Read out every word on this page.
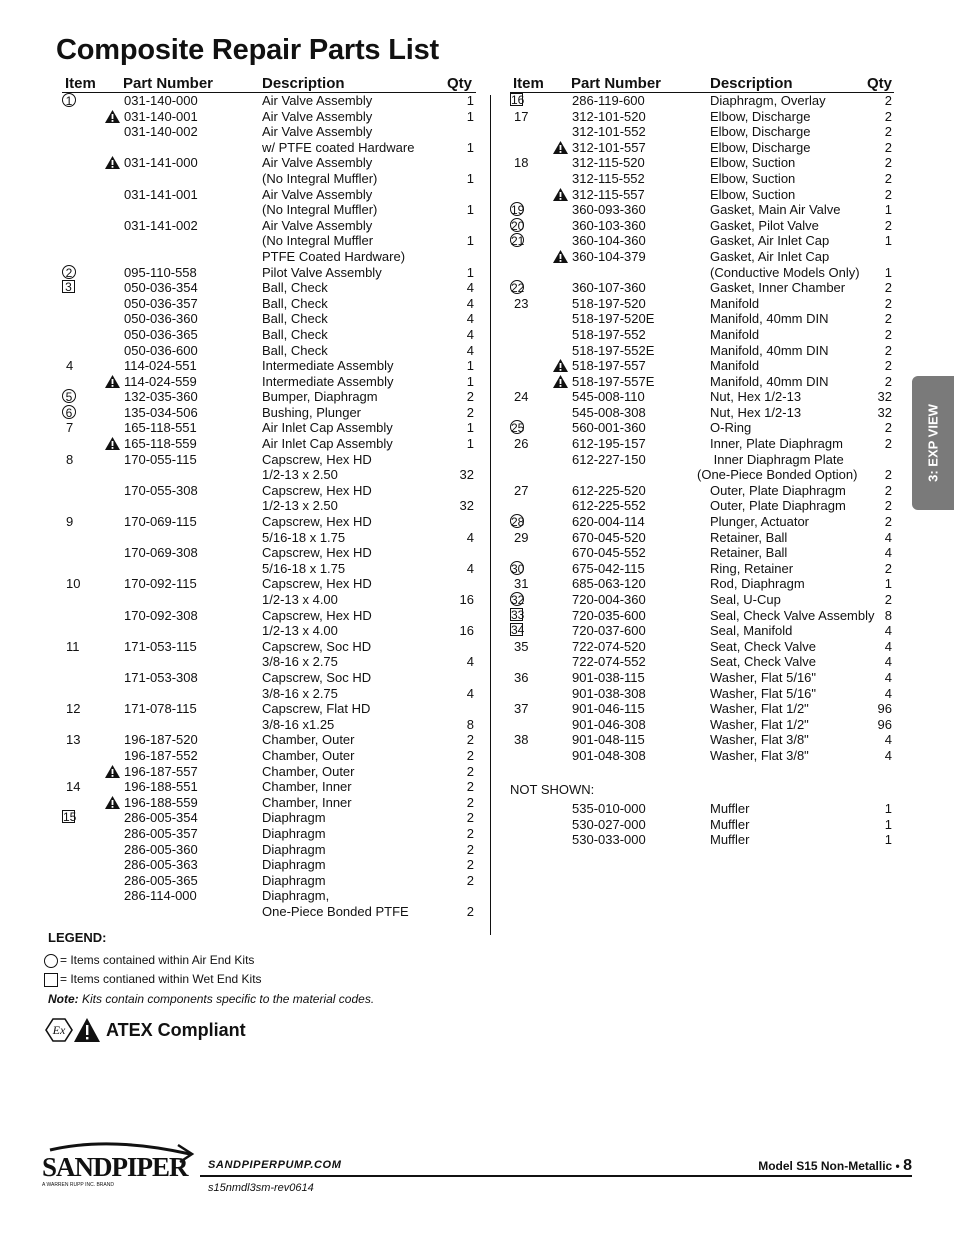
Composite Repair Parts List
3: EXP VIEW
Item Part Number	Description	Qty
1	031-140-000	Air Valve Assembly	1
031-140-001	Air Valve Assembly	1
031-140-002	Air Valve Assembly
w/ PTFE coated Hardware	1
031-141-000	Air Valve Assembly
(No Integral Muffler)	1
031-141-001	Air Valve Assembly
(No Integral Muffler)	1
031-141-002	Air Valve Assembly
(No Integral Muffler	1
PTFE Coated Hardware)
2	095-110-558	Pilot Valve Assembly	1
3	050-036-354	Ball, Check	4
050-036-357	Ball, Check	4
050-036-360	Ball, Check	4
050-036-365	Ball, Check	4
050-036-600	Ball, Check	4
4	114-024-551	Intermediate Assembly	1
114-024-559	Intermediate Assembly	1
5	132-035-360	Bumper, Diaphragm	2
6	135-034-506	Bushing, Plunger	2
7	165-118-551	Air Inlet Cap Assembly	1
165-118-559	Air Inlet Cap Assembly	1
8	170-055-115	Capscrew, Hex HD
1/2-13 x 2.50	32
170-055-308	Capscrew, Hex HD
1/2-13 x 2.50	32
9	170-069-115	Capscrew, Hex HD
5/16-18 x 1.75	4
170-069-308	Capscrew, Hex HD
5/16-18 x 1.75	4
10	170-092-115	Capscrew, Hex HD
1/2-13 x 4.00	16
170-092-308	Capscrew, Hex HD
1/2-13 x 4.00	16
11	171-053-115	Capscrew, Soc HD
3/8-16 x 2.75	4
171-053-308	Capscrew, Soc HD
3/8-16 x 2.75	4
12	171-078-115	Capscrew, Flat HD
3/8-16 x1.25	8
13	196-187-520	Chamber, Outer	2
196-187-552	Chamber, Outer	2
196-187-557	Chamber, Outer	2
14	196-188-551	Chamber, Inner	2
196-188-559	Chamber, Inner	2
15	286-005-354	Diaphragm	2
286-005-357	Diaphragm	2
286-005-360	Diaphragm	2
286-005-363	Diaphragm	2
286-005-365	Diaphragm	2
286-114-000	Diaphragm,
One-Piece Bonded PTFE	2
Item Part Number	Description	Qty
16	286-119-600	Diaphragm, Overlay	2
17	312-101-520	Elbow, Discharge	2
312-101-552	Elbow, Discharge	2
312-101-557	Elbow, Discharge	2
18	312-115-520	Elbow, Suction	2
312-115-552	Elbow, Suction	2
312-115-557	Elbow, Suction	2
19	360-093-360	Gasket, Main Air Valve	1
20	360-103-360	Gasket, Pilot Valve	2
21	360-104-360	Gasket, Air Inlet Cap	1
360-104-379	Gasket, Air Inlet Cap
(Conductive Models Only) 1
22	360-107-360	Gasket, Inner Chamber	2
23	518-197-520	Manifold	2
518-197-520E	Manifold, 40mm DIN	2
518-197-552	Manifold	2
518-197-552E	Manifold, 40mm DIN	2
518-197-557	Manifold	2
518-197-557E	Manifold, 40mm DIN	2
24	545-008-110	Nut, Hex 1/2-13	32
545-008-308	Nut, Hex 1/2-13	32
25	560-001-360	O-Ring	2
26	612-195-157	Inner, Plate Diaphragm	2
612-227-150	Inner Diaphragm Plate
(One-Piece Bonded Option) 2
27	612-225-520	Outer, Plate Diaphragm	2
612-225-552	Outer, Plate Diaphragm	2
28	620-004-114	Plunger, Actuator	2
29	670-045-520	Retainer, Ball	4
670-045-552	Retainer, Ball	4
30	675-042-115	Ring, Retainer	2
31	685-063-120	Rod, Diaphragm	1
32	720-004-360	Seal, U-Cup	2
33	720-035-600	Seal, Check Valve Assembly 8
34	720-037-600	Seal, Manifold	4
35	722-074-520	Seat, Check Valve	4
722-074-552	Seat, Check Valve	4
36	901-038-115	Washer, Flat 5/16"	4
901-038-308	Washer, Flat 5/16"	4
37	901-046-115	Washer, Flat 1/2"	96
901-046-308	Washer, Flat 1/2"	96
38	901-048-115	Washer, Flat 3/8"	4
901-048-308	Washer, Flat 3/8"	4
NOT SHOWN:
535-010-000	Muffler	1
530-027-000	Muffler	1
530-033-000	Muffler	1
LEGEND:
= Items contained within Air End Kits
= Items contianed within Wet End Kits
Note: Kits contain components specific to the material codes.
Ex ATEX Compliant
SANDPIPER
A WARREN RUPP INC. BRAND
SANDPIPERPUMP.COM
s15nmdl3sm-rev0614
Model S15 Non-Metallic • 8
